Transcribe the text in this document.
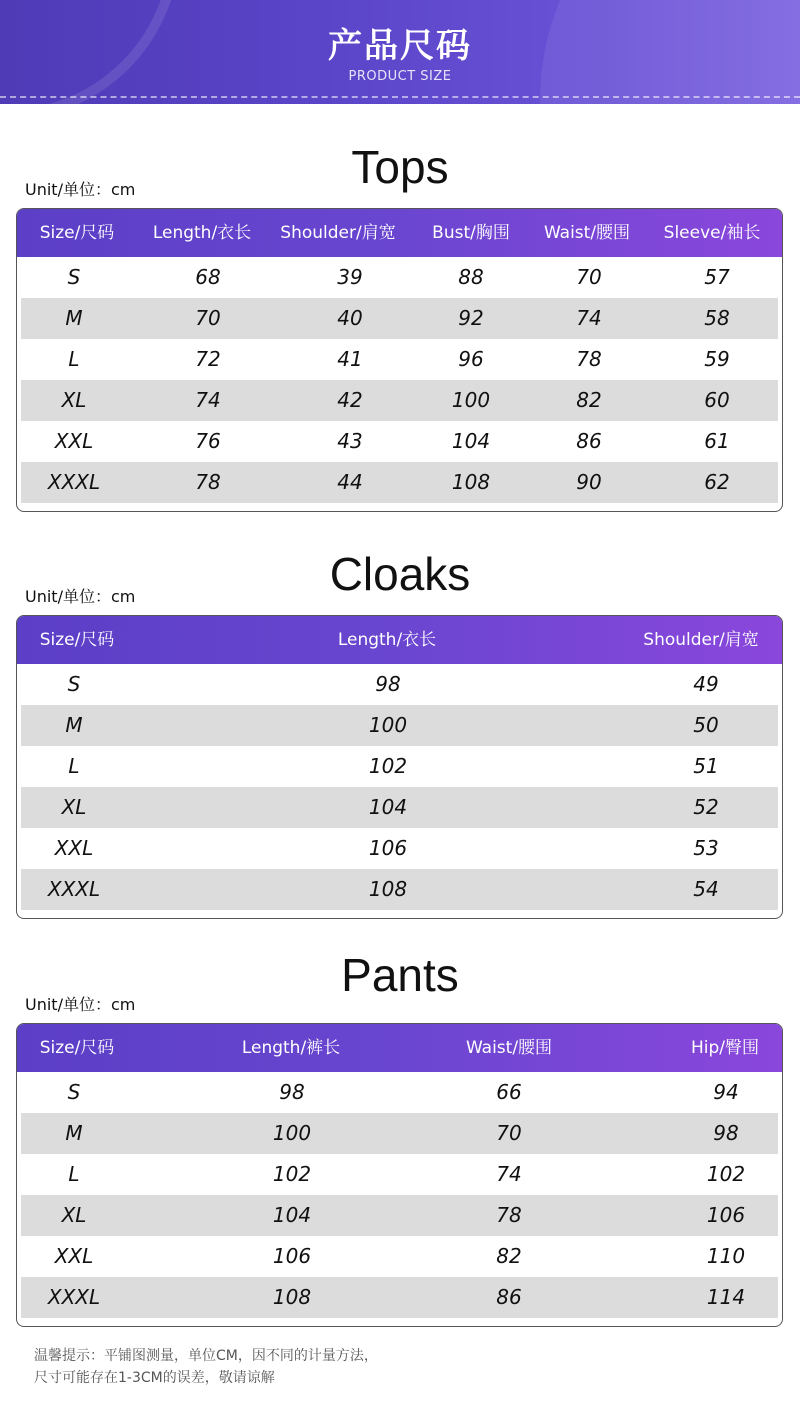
产品尺码
PRODUCT SIZE
Tops
Unit/单位：cm
Size/尺码 Length/衣长 Shoulder/肩宽 Bust/胸围 Waist/腰围 Sleeve/袖长
S	68	39	88	70	57
M	70	40	92	74	58
L	72	41	96	78	59
XL	74	42	100	82	60
XXL	76	43	104	86	61
XXXL	78	44	108	90	62
Cloaks
Unit/单位：cm
Size/尺码	Length/衣长	Shoulder/肩宽
S	98	49
M	100	50
L	102	51
XL	104	52
XXL	106	53
XXXL	108	54
Pants
Unit/单位：cm
Size/尺码	Length/裤长	Waist/腰围	Hip/臀围
S	98	66	94
M	100	70	98
L	102	74	102
XL	104	78	106
XXL	106	82	110
XXXL	108	86	114
温馨提示：平铺图测量，单位CM，因不同的计量方法，
尺寸可能存在1-3CM的误差，敬请谅解
